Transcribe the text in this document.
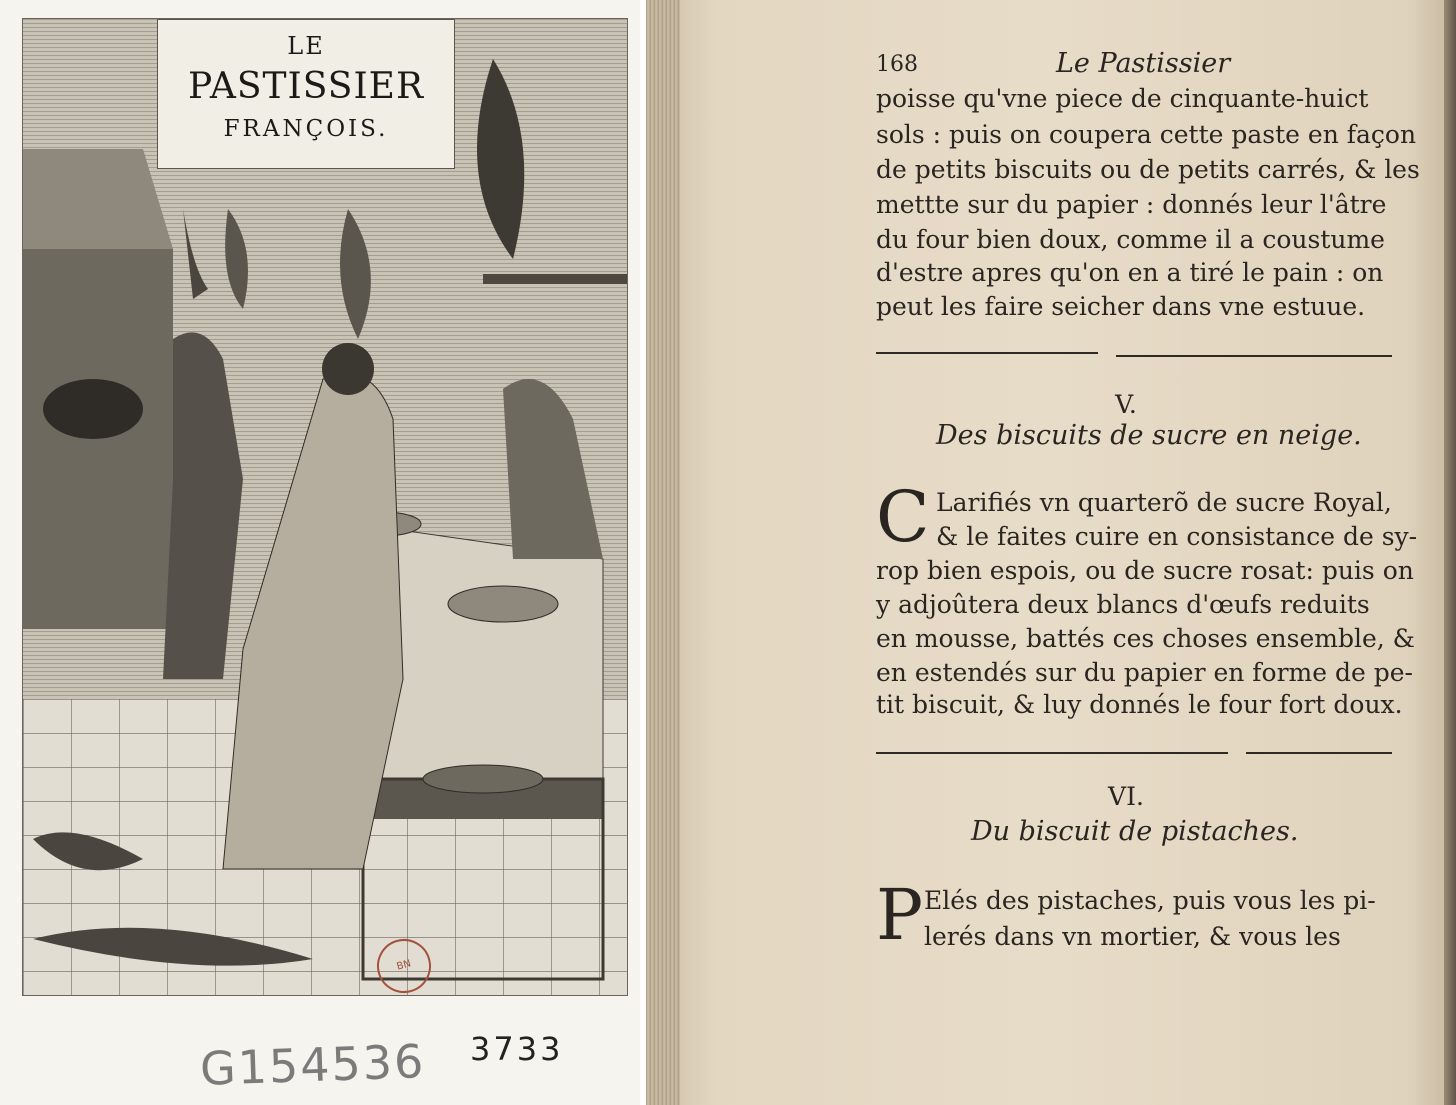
LE
PASTISSIER
FRANÇOIS.
BN
G154536 3733
168	Le Pastissier
poisse qu'vne piece de cinquante-huict
sols : puis on coupera cette paste en façon
de petits biscuits ou de petits carrés, & les
mettte sur du papier : donnés leur l'âtre
du four bien doux, comme il a coustume
d'estre apres qu'on en a tiré le pain : on
peut les faire seicher dans vne estuue.
V.
Des biscuits de sucre en neige.
C Larifiés vn quarterõ de sucre Royal,
& le faites cuire en consistance de sy-
rop bien espois, ou de sucre rosat: puis on
y adjoûtera deux blancs d'œufs reduits
en mousse, battés ces choses ensemble, &
en estendés sur du papier en forme de pe-
tit biscuit, & luy donnés le four fort doux.
VI.
Du biscuit de pistaches.
P Elés des pistaches, puis vous les pi-
lerés dans vn mortier, & vous les
